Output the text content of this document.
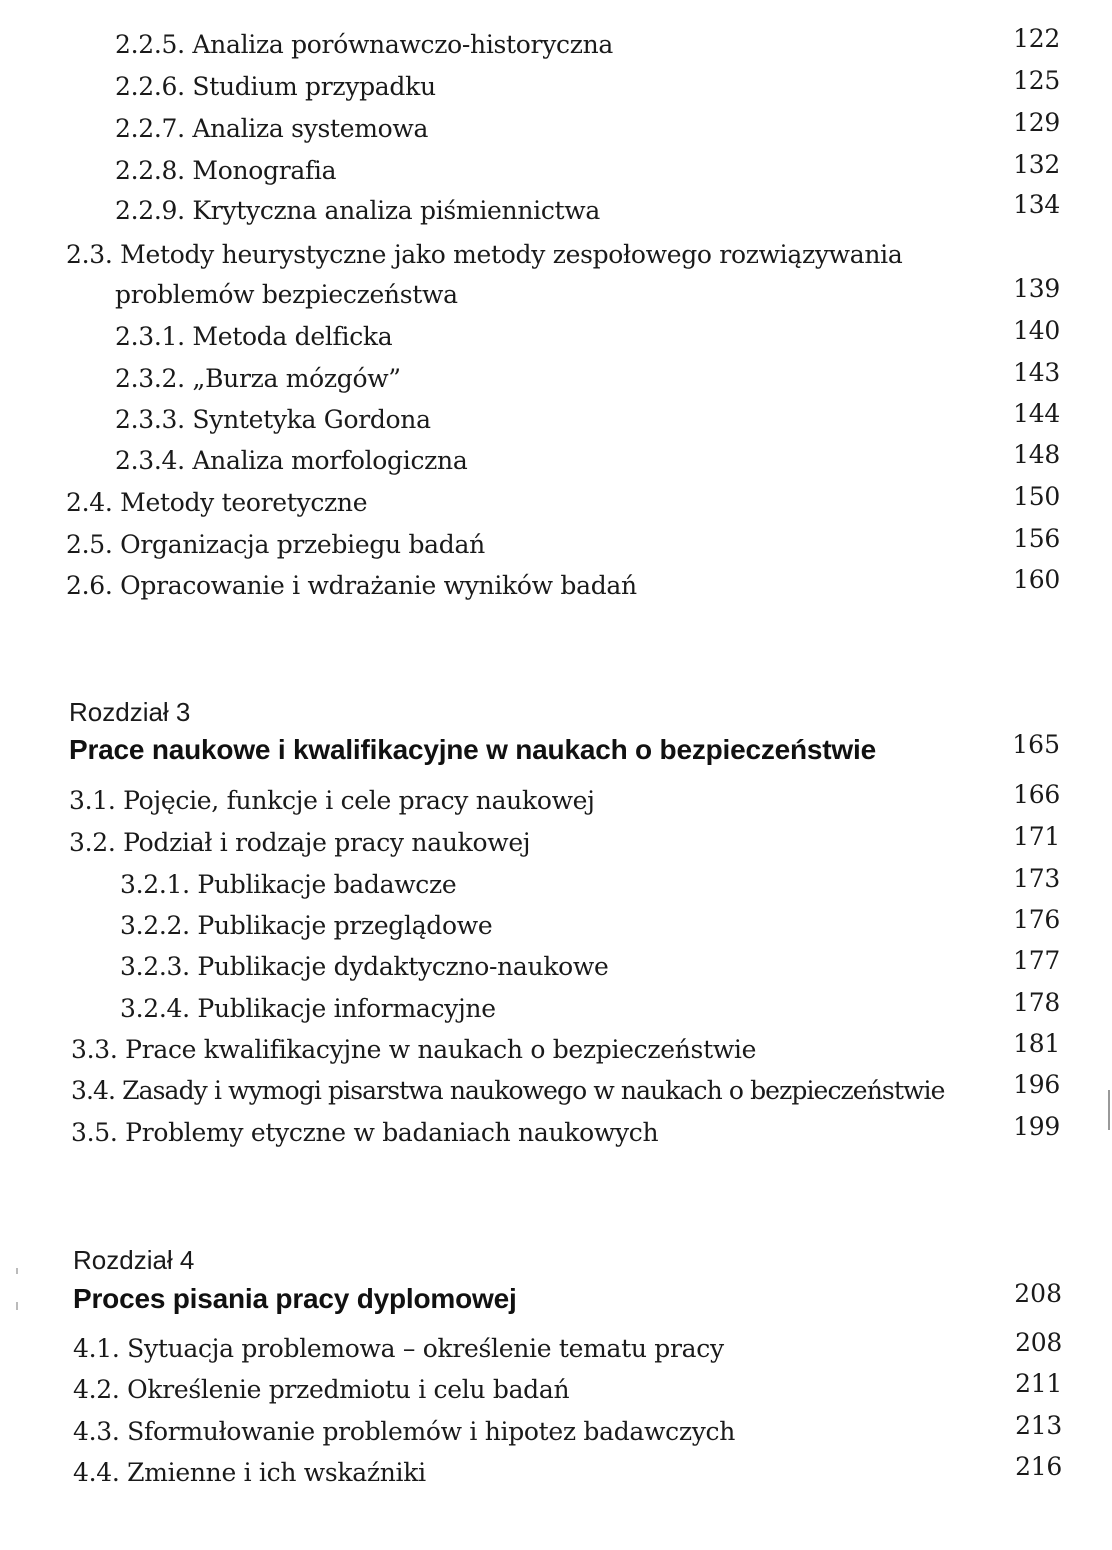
2.2.5. Analiza porównawczo-historyczna	122
2.2.6. Studium przypadku	125
2.2.7. Analiza systemowa	129
2.2.8. Monografia	132
2.2.9. Krytyczna analiza piśmiennictwa	134
2.3. Metody heurystyczne jako metody zespołowego rozwiązywania
problemów bezpieczeństwa	139
2.3.1. Metoda delficka	140
2.3.2. „Burza mózgów”	143
2.3.3. Syntetyka Gordona	144
2.3.4. Analiza morfologiczna	148
2.4. Metody teoretyczne	150
2.5. Organizacja przebiegu badań	156
2.6. Opracowanie i wdrażanie wyników badań	160
Rozdział 3
Prace naukowe i kwalifikacyjne w naukach o bezpieczeństwie	165
3.1. Pojęcie, funkcje i cele pracy naukowej	166
3.2. Podział i rodzaje pracy naukowej	171
3.2.1. Publikacje badawcze	173
3.2.2. Publikacje przeglądowe	176
3.2.3. Publikacje dydaktyczno-naukowe	177
3.2.4. Publikacje informacyjne	178
3.3. Prace kwalifikacyjne w naukach o bezpieczeństwie	181
3.4. Zasady i wymogi pisarstwa naukowego w naukach o bezpieczeństwie	196
3.5. Problemy etyczne w badaniach naukowych	199
Rozdział 4
Proces pisania pracy dyplomowej	208
4.1. Sytuacja problemowa – określenie tematu pracy	208
4.2. Określenie przedmiotu i celu badań	211
4.3. Sformułowanie problemów i hipotez badawczych	213
4.4. Zmienne i ich wskaźniki	216
